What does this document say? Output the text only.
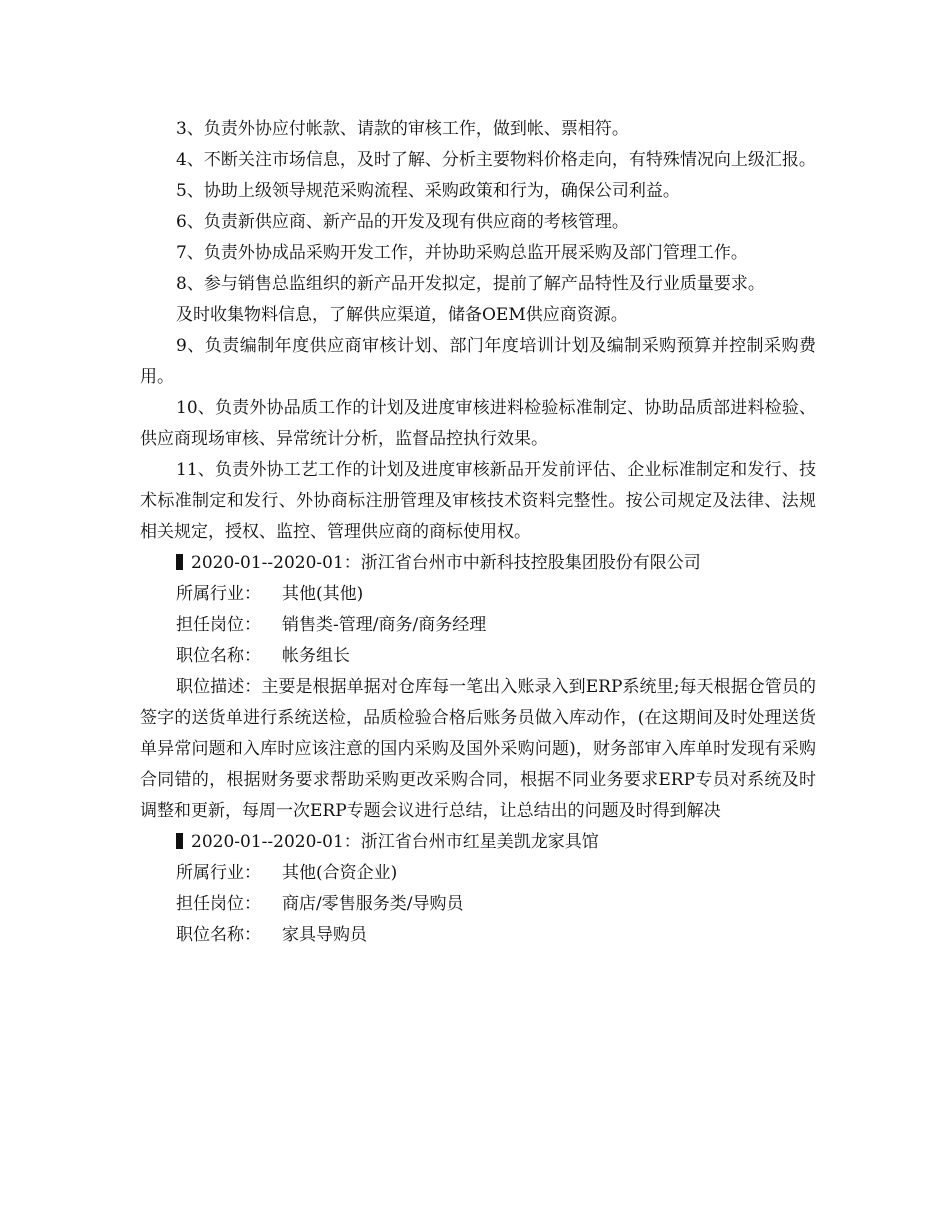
3、负责外协应付帐款、请款的审核工作，做到帐、票相符。

4、不断关注市场信息，及时了解、分析主要物料价格走向，有特殊情况向上级汇报。

5、协助上级领导规范采购流程、采购政策和行为，确保公司利益。

6、负责新供应商、新产品的开发及现有供应商的考核管理。

7、负责外协成品采购开发工作，并协助采购总监开展采购及部门管理工作。

8、参与销售总监组织的新产品开发拟定，提前了解产品特性及行业质量要求。

及时收集物料信息，了解供应渠道，储备OEM供应商资源。

9、负责编制年度供应商审核计划、部门年度培训计划及编制采购预算并控制采购费用。

10、负责外协品质工作的计划及进度审核进料检验标准制定、协助品质部进料检验、供应商现场审核、异常统计分析，监督品控执行效果。

11、负责外协工艺工作的计划及进度审核新品开发前评估、企业标准制定和发行、技术标准制定和发行、外协商标注册管理及审核技术资料完整性。按公司规定及法律、法规相关规定，授权、监控、管理供应商的商标使用权。

2020-01--2020-01：浙江省台州市中新科技控股集团股份有限公司

所属行业： 其他(其他)

担任岗位： 销售类-管理/商务/商务经理

职位名称： 帐务组长

职位描述：主要是根据单据对仓库每一笔出入账录入到ERP系统里;每天根据仓管员的签字的送货单进行系统送检，品质检验合格后账务员做入库动作，(在这期间及时处理送货单异常问题和入库时应该注意的国内采购及国外采购问题)，财务部审入库单时发现有采购合同错的，根据财务要求帮助采购更改采购合同，根据不同业务要求ERP专员对系统及时调整和更新，每周一次ERP专题会议进行总结，让总结出的问题及时得到解决

2020-01--2020-01：浙江省台州市红星美凯龙家具馆

所属行业： 其他(合资企业)

担任岗位： 商店/零售服务类/导购员

职位名称： 家具导购员
